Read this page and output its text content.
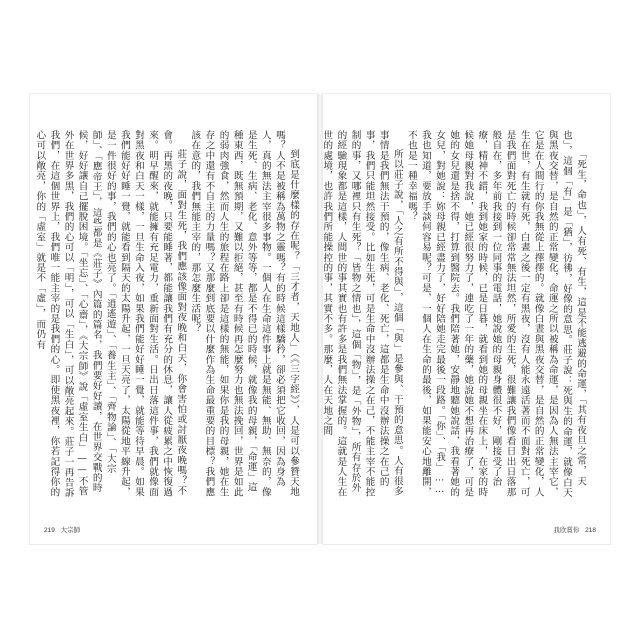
到底是什麼樣的存在呢？「三才者，天地人」（《三字經》），人是可以參贊天地嗎？人不是被稱為萬物之靈嗎？有的時候這樣驕矜，卻必須把它收回，因為身為人，真的無法主宰很多事物。一個人在生命這件事上就是無能、無助、無奈的，像是生死、生病、老化、意外等等，都是不得已的時候，就像我的母親，「命運」這種東西，既無預期，又難以拒絕，甚至有時候再怎麼努力也無法挽回，世界是如此的弱肉強食，然而人生的旅程在路上卻是這樣的無能，如果你是我的母親，她在生存之中還有不自主的力量嗎？又那麼到底要以什麼作為生命最重要的目標？我們應該在意的，我們無能主宰的，那怎麼生活呢？

莊子說，面對生死，我們應該像面對夜晚和白天，你會害怕或討厭夜晚嗎？不會。再黑的夜晚，只要能睡著，都能讓我們有充分的休息，讓人從疲累之中恢復過來。明早醒來，就能擁有充足電力，重新面對生活。日出日落這件事，我們就像面對黑夜和白天一樣，一旦生命入夜，如果我們能好好睡一覺，就能等待早晨。如果我們能好好睡一覺，就能看到隔天的太陽升起，一旦天亮了，太陽從地平線升起，是一件很好的事，我們的心也亮了。「逍遙遊」、「養生主」、「齊物論」、「大宗師」、「應帝王」，這些都是《莊子》內篇的篇名，我們要好好讀，在世界交戰的時候，好好讓自己擺脫困境。「坐忘」、「心齋」，《大宗師》說「虛室生白」——不管外在世界多黑，我們的心可以「明」，可以「生白」，可以敞亮起來。莊子一再告訴我們，在這個世界上，我們唯一能主宰的是我們的心。即使黑夜裡，你若記得你的心可以敞亮，你的「虛室」就是不「虛」，而仍有

219 大宗師

「死生，命也」，人有死、有生，這是不能逃避的命運，「其有夜旦之常，天也」，這個「有」是「猶」，彷彿，好像的意思。莊子說：死與生的命運，就像白天與黑夜交替，是自然的正常變化，命運之所以被稱為命運，是因為人無法主宰它，它是在人間行的你我無從上擇擇的。就像白晝與黑夜交替，是自然的正常變化，人生在世，有生就有死，白晝之後一定有黑夜，沒有人能永遠活著而不面對死亡，可是我們面對死亡的時候卻常常無法坦然，所愛的生死，很難讓我們像看日出日落那般自在，多年前我接到一位同事的電話，她說她的母親身體很不好，剛接受了治療，精神不錯，我到她家的時候，已是日暮，就看到她的母親坐在床上，在家的時候她母親對我說，她已經很努力了，連吃了一年的藥，她說她不想再治療了，可是她的女兒還是捨不得，打算到醫院去。我們陪著她，安靜地聽她說話，我看著她的女兒，對她說：妳母親已經盡力了，好好陪她走完最後一段路。「你」、「我」……我也知道，要放手談何容易呢？可是，一個人在生命的最後，如果能安心地離開，不也是一種幸福嗎？

所以莊子說，「人之有所不得與」，這個「與」是參與、干預的意思。人有很多事情是我們無法干預的，像生病、老化、死亡，這都是生命中沒辦法操之在己的事，我們只能坦然接受。比如生死，可是生命中沒辦法操之在己，不能主宰不能控制的事，又哪裡只有生死？「皆物之情也」，這個「物」，是「外物」，所有存於外的經驗現象都是這樣，人間世的事其實也有許多是我們無法掌握的。這就是人生在世的處境，也許我們所能操控的事，其實不多。那麼，人在天地之間

我欣賞你 218
